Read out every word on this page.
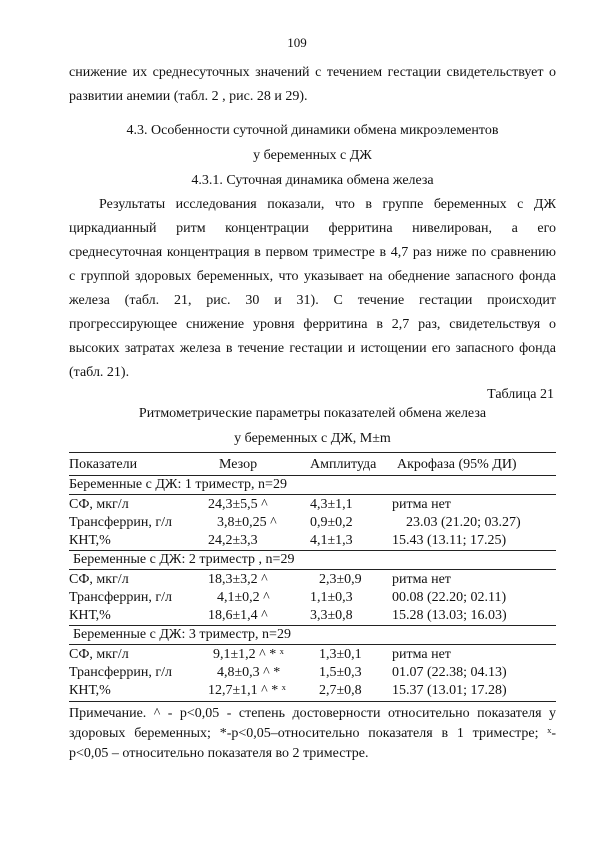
109
снижение их среднесуточных значений с течением гестации свидетельствует о
развитии анемии (табл. 2 , рис. 28 и 29).
4.3. Особенности суточной динамики обмена микроэлементов
у беременных с ДЖ
4.3.1. Суточная динамика обмена железа
Результаты исследования показали, что в группе беременных с ДЖ
циркадианный ритм концентрации ферритина нивелирован, а его
среднесуточная концентрация в первом триместре в 4,7 раз ниже по сравнению
с группой здоровых беременных, что указывает на обеднение запасного фонда
железа (табл. 21, рис. 30 и 31). С течение гестации происходит
прогрессирующее снижение уровня ферритина в 2,7 раз, свидетельствуя о
высоких затратах железа в течение гестации и истощении его запасного фонда
(табл. 21).
Таблица 21
Ритмометрические параметры показателей обмена железа
у беременных с ДЖ, M±m
Показатели	Мезор	Амплитуда Акрофаза (95% ДИ)
Беременные с ДЖ: 1 триместр, n=29
СФ, мкг/л	24,3±5,5 ^	4,3±1,1	ритма нет
Трансферрин, г/л	3,8±0,25 ^ 0,9±0,2	23.03 (21.20; 03.27)
КНТ,%	24,2±3,3	4,1±1,3	15.43 (13.11; 17.25)
Беременные с ДЖ: 2 триместр , n=29
СФ, мкг/л	18,3±3,2 ^	2,3±0,9 ритма нет
Трансферрин, г/л	4,1±0,2 ^	1,1±0,3	00.08 (22.20; 02.11)
КНТ,%	18,6±1,4 ^	3,3±0,8	15.28 (13.03; 16.03)
Беременные с ДЖ: 3 триместр, n=29
СФ, мкг/л	9,1±1,2 ^ * ˣ	1,3±0,1 ритма нет
Трансферрин, г/л	4,8±0,3 ^ *	1,5±0,3 01.07 (22.38; 04.13)
КНТ,%	12,7±1,1 ^ * ˣ 2,7±0,8 15.37 (13.01; 17.28)
Примечание. ^ - р<0,05 - степень достоверности относительно показателя у
здоровых беременных; *-р<0,05–относительно показателя в 1 триместре; ˣ-
р<0,05 – относительно показателя во 2 триместре.
